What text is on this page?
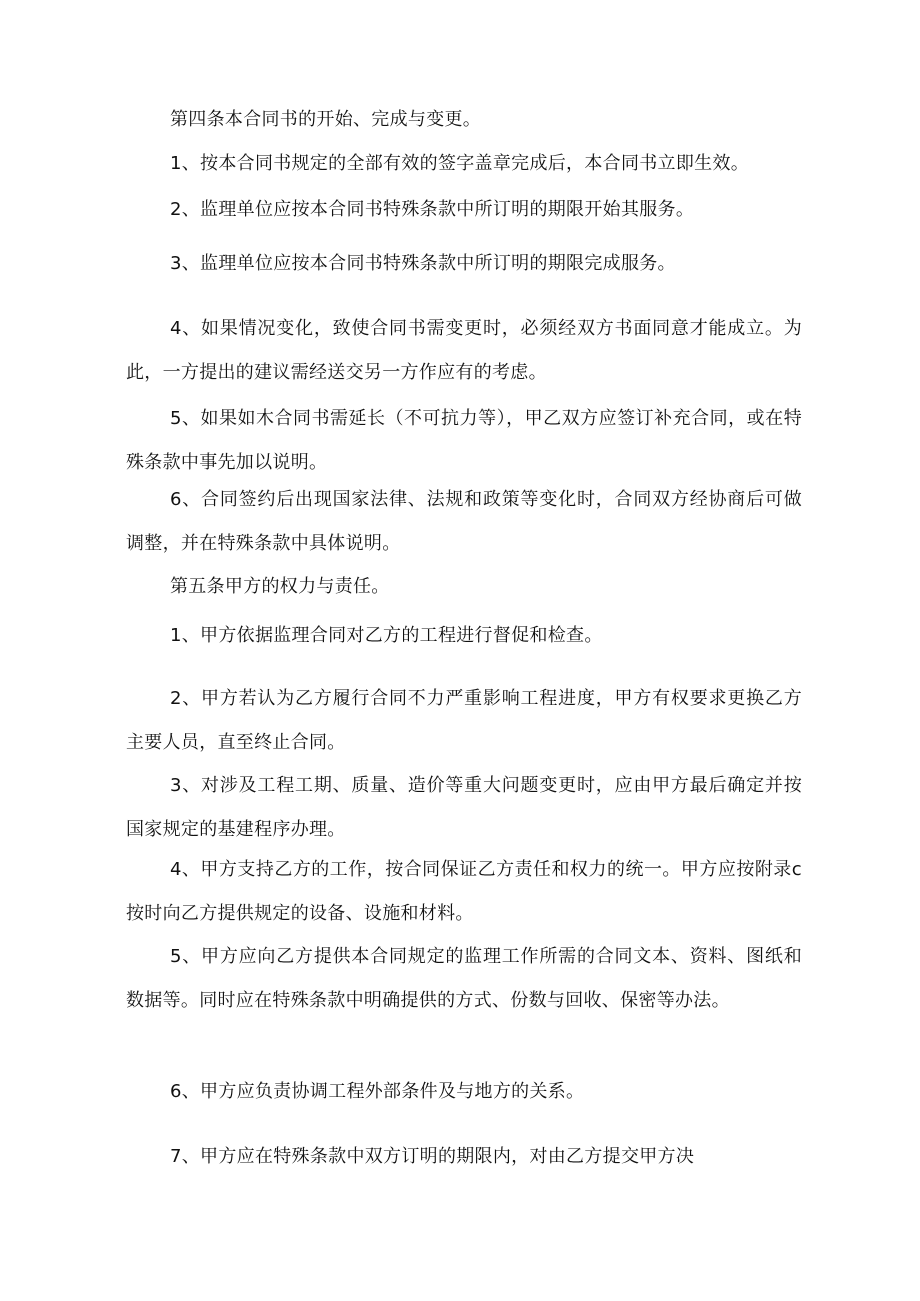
第四条本合同书的开始、完成与变更。

1、按本合同书规定的全部有效的签字盖章完成后，本合同书立即生效。

2、监理单位应按本合同书特殊条款中所订明的期限开始其服务。

3、监理单位应按本合同书特殊条款中所订明的期限完成服务。

4、如果情况变化，致使合同书需变更时，必须经双方书面同意才能成立。为此，一方提出的建议需经送交另一方作应有的考虑。

5、如果如木合同书需延长（不可抗力等），甲乙双方应签订补充合同，或在特殊条款中事先加以说明。

6、合同签约后出现国家法律、法规和政策等变化时，合同双方经协商后可做调整，并在特殊条款中具体说明。

第五条甲方的权力与责任。

1、甲方依据监理合同对乙方的工程进行督促和检查。

2、甲方若认为乙方履行合同不力严重影响工程进度，甲方有权要求更换乙方主要人员，直至终止合同。

3、对涉及工程工期、质量、造价等重大问题变更时，应由甲方最后确定并按国家规定的基建程序办理。

4、甲方支持乙方的工作，按合同保证乙方责任和权力的统一。甲方应按附录c按时向乙方提供规定的设备、设施和材料。

5、甲方应向乙方提供本合同规定的监理工作所需的合同文本、资料、图纸和数据等。同时应在特殊条款中明确提供的方式、份数与回收、保密等办法。

6、甲方应负责协调工程外部条件及与地方的关系。

7、甲方应在特殊条款中双方订明的期限内，对由乙方提交甲方决
